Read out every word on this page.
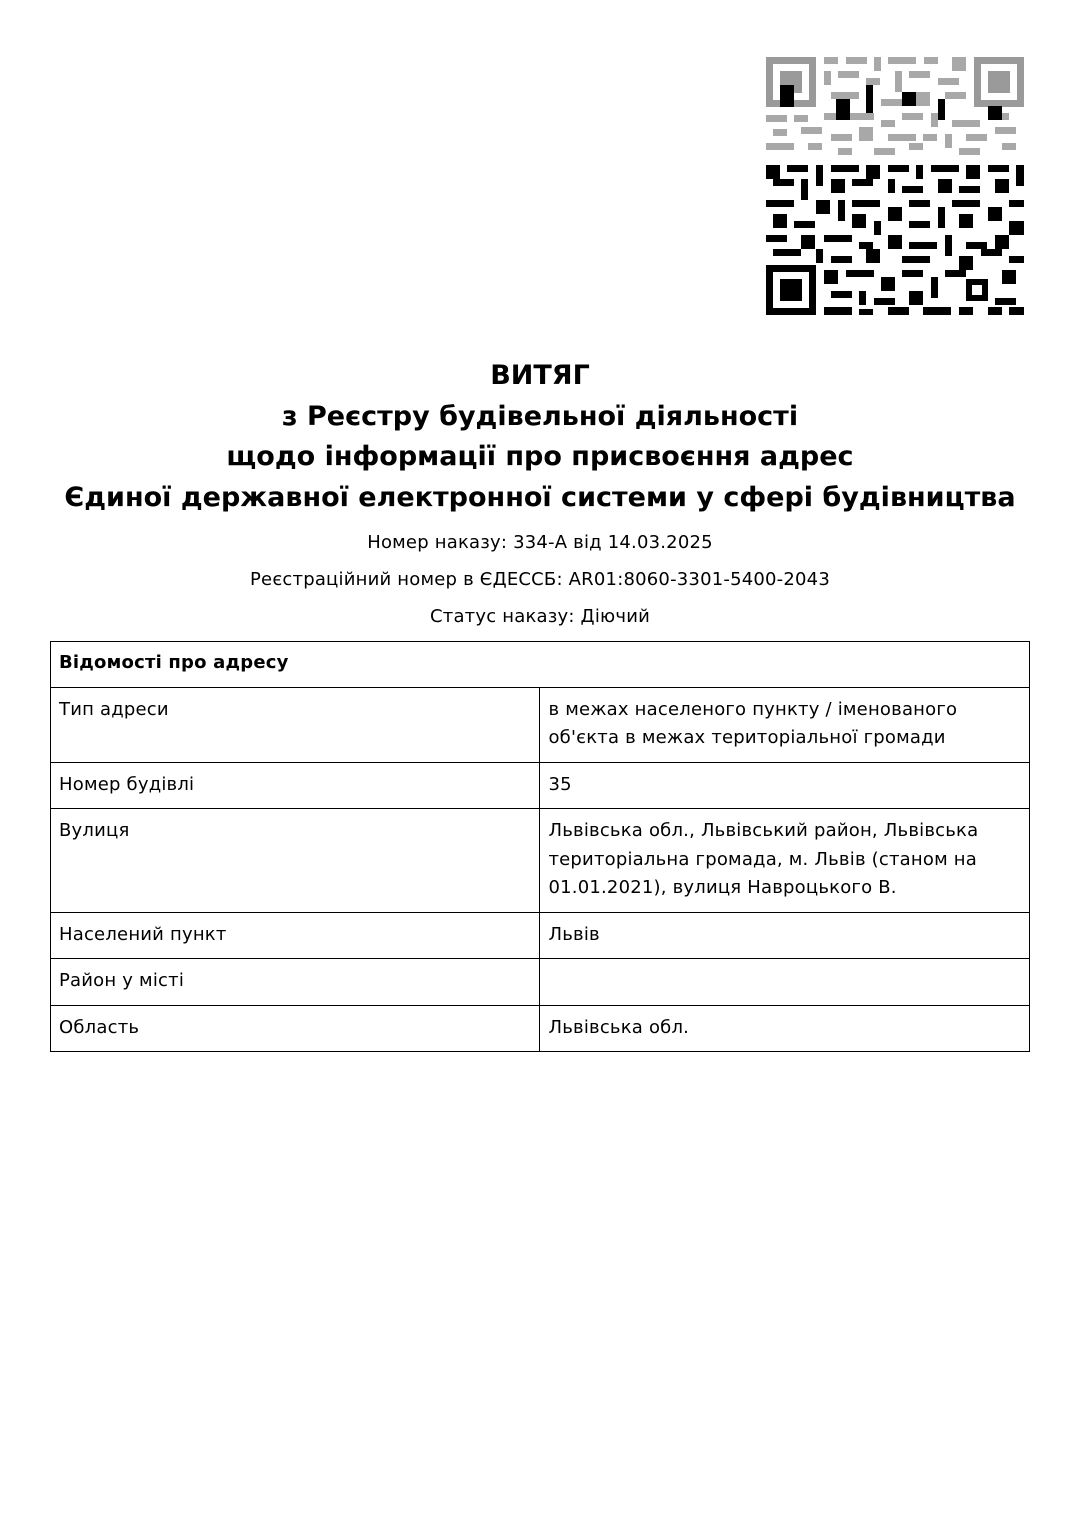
ВИТЯГ

з Реєстру будівельної діяльності

щодо інформації про присвоєння адрес

Єдиної державної електронної системи у сфері будівництва

Номер наказу: 334-А від 14.03.2025

Реєстраційний номер в ЄДЕССБ: AR01:8060-3301-5400-2043

Статус наказу: Діючий

Відомості про адресу	
Тип адреси	в межах населеного пункту / іменованого об'єкта в межах територіальної громади
Номер будівлі	35
Вулиця	Львівська обл., Львівський район, Львівська територіальна громада, м. Львів (станом на 01.01.2021), вулиця Навроцького В.
Населений пункт	Львів
Район у місті	
Область	Львівська обл.
